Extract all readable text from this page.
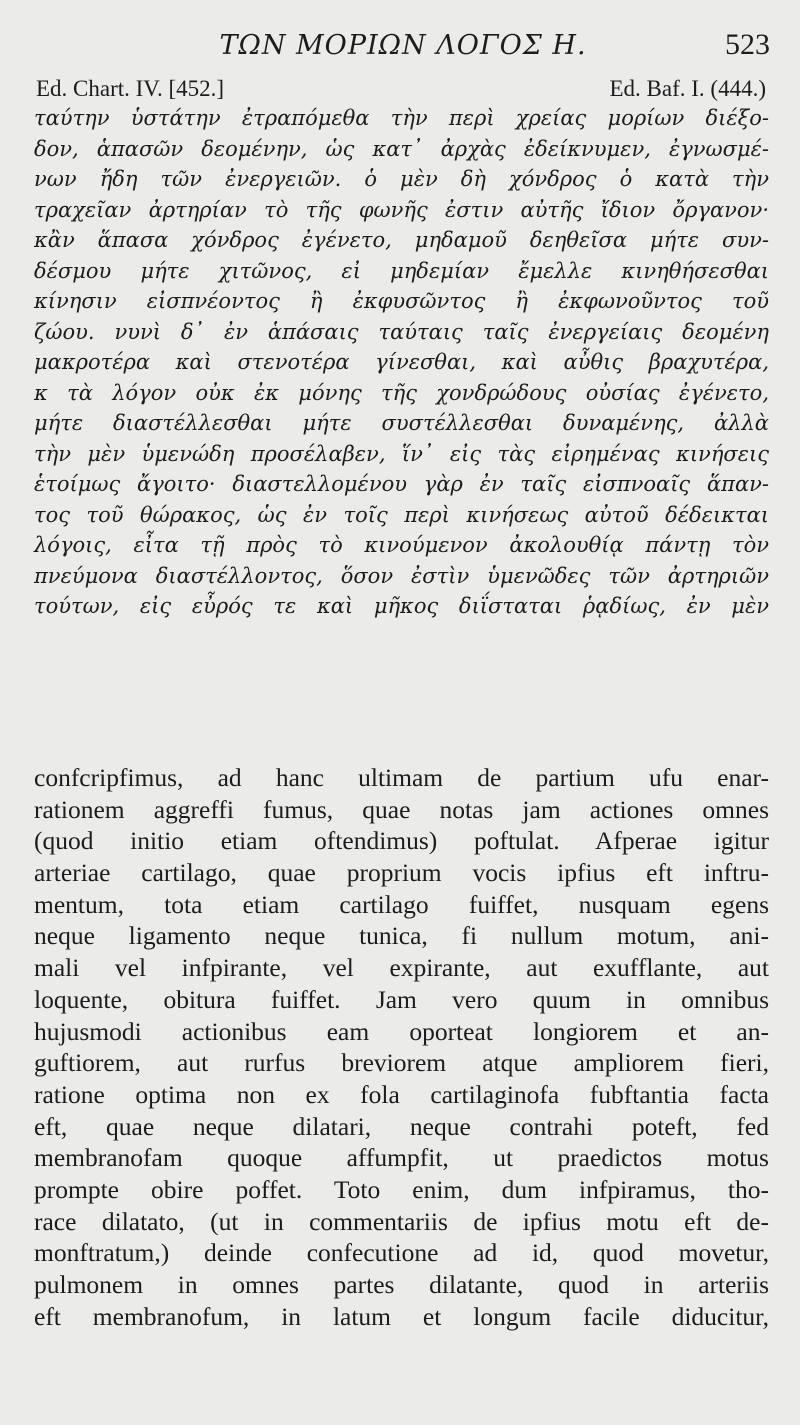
ΤΩΝ ΜΟΡΙΩΝ ΛΟΓΟΣ Η.	523
Ed. Chart. IV. [452.]	Ed. Baf. I. (444.)
ταύτην ὑστάτην ἐτραπόμεθα τὴν περὶ χρείας μορίων διέξο-
δον, ἁπασῶν δεομένην, ὡς κατ᾽ ἀρχὰς ἐδείκνυμεν, ἐγνωσμέ-
νων ἤδη τῶν ἐνεργειῶν. ὁ μὲν δὴ χόνδρος ὁ κατὰ τὴν
τραχεῖαν ἀρτηρίαν τὸ τῆς φωνῆς ἐστιν αὐτῆς ἴδιον ὄργανον·
κἂν ἅπασα χόνδρος ἐγένετο, μηδαμοῦ δεηθεῖσα μήτε συν-
δέσμου μήτε χιτῶνος, εἰ μηδεμίαν ἔμελλε κινηθήσεσθαι
κίνησιν εἰσπνέοντος ἢ ἐκφυσῶντος ἢ ἐκφωνοῦντος τοῦ
ζώου. νυνὶ δ᾽ ἐν ἁπάσαις ταύταις ταῖς ἐνεργείαις δεομένη
μακροτέρα καὶ στενοτέρα γίνεσθαι, καὶ αὖθις βραχυτέρα,
κ τὰ λόγον οὐκ ἐκ μόνης τῆς χονδρώδους οὐσίας ἐγένετο,
μήτε διαστέλλεσθαι μήτε συστέλλεσθαι δυναμένης, ἀλλὰ
τὴν μὲν ὑμενώδη προσέλαβεν, ἵν᾽ εἰς τὰς εἰρημένας κινήσεις
ἑτοίμως ἄγοιτο· διαστελλομένου γὰρ ἐν ταῖς εἰσπνοαῖς ἅπαν-
τος τοῦ θώρακος, ὡς ἐν τοῖς περὶ κινήσεως αὐτοῦ δέδεικται
λόγοις, εἶτα τῇ πρὸς τὸ κινούμενον ἀκολουθίᾳ πάντῃ τὸν
πνεύμονα διαστέλλοντος, ὅσον ἐστὶν ὑμενῶδες τῶν ἀρτηριῶν
τούτων, εἰς εὖρός τε καὶ μῆκος διΐσταται ῥᾳδίως, ἐν μὲν
confcripfimus, ad hanc ultimam de partium ufu enar-
rationem aggreffi fumus, quae notas jam actiones omnes
(quod initio etiam oftendimus) poftulat. Afperae igitur
arteriae cartilago, quae proprium vocis ipfius eft inftru-
mentum, tota etiam cartilago fuiffet, nusquam egens
neque ligamento neque tunica, fi nullum motum, ani-
mali vel infpirante, vel expirante, aut exufflante, aut
loquente, obitura fuiffet. Jam vero quum in omnibus
hujusmodi actionibus eam oporteat longiorem et an-
guftiorem, aut rurfus breviorem atque ampliorem fieri,
ratione optima non ex fola cartilaginofa fubftantia facta
eft, quae neque dilatari, neque contrahi poteft, fed
membranofam quoque affumpfit, ut praedictos motus
prompte obire poffet. Toto enim, dum infpiramus, tho-
race dilatato, (ut in commentariis de ipfius motu eft de-
monftratum,) deinde confecutione ad id, quod movetur,
pulmonem in omnes partes dilatante, quod in arteriis
eft membranofum, in latum et longum facile diducitur,
